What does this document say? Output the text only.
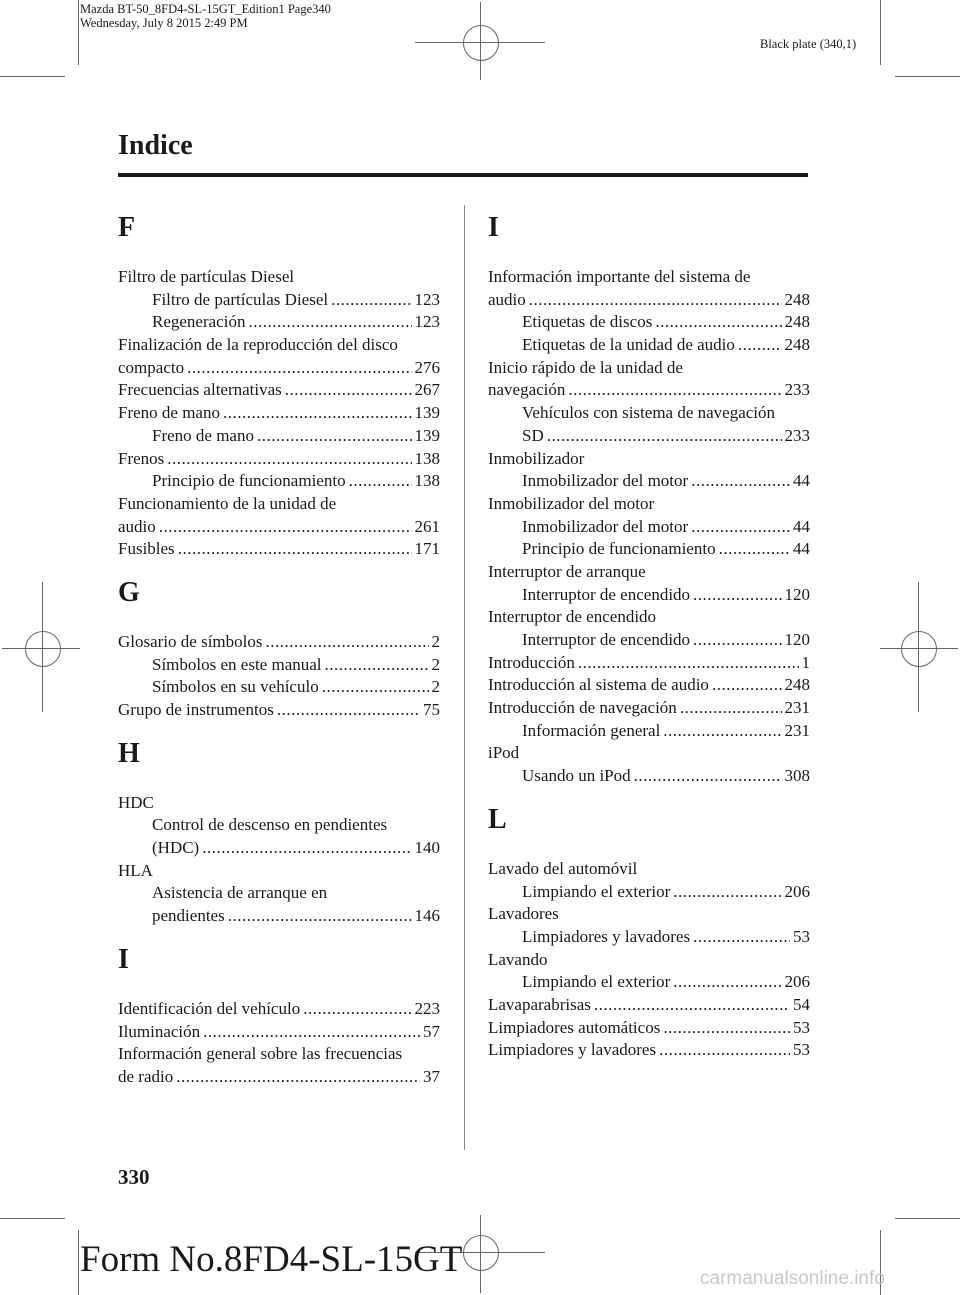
Mazda BT-50_8FD4-SL-15GT_Edition1 Page340
Wednesday, July 8 2015 2:49 PM
Black plate (340,1)
Indice
F
Filtro de partículas Diesel
Filtro de partículas Diesel .....	123
Regeneración .....	123
Finalización de la reproducción del disco
compacto .....	276
Frecuencias alternativas .....	267
Freno de mano .....	139
Freno de mano .....	139
Frenos .....	138
Principio de funcionamiento .....	138
Funcionamiento de la unidad de
audio .....	261
Fusibles .....	171
G
Glosario de símbolos .....	2
Símbolos en este manual .....	2
Símbolos en su vehículo .....	2
Grupo de instrumentos .....	75
H
HDC
Control de descenso en pendientes
(HDC) .....	140
HLA
Asistencia de arranque en
pendientes .....	146
I
Identificación del vehículo .....	223
Iluminación .....	57
Información general sobre las frecuencias
de radio .....	37
I
Información importante del sistema de
audio .....	248
Etiquetas de discos .....	248
Etiquetas de la unidad de audio .....	248
Inicio rápido de la unidad de
navegación .....	233
Vehículos con sistema de navegación
SD .....	233
Inmobilizador
Inmobilizador del motor .....	44
Inmobilizador del motor
Inmobilizador del motor .....	44
Principio de funcionamiento .....	44
Interruptor de arranque
Interruptor de encendido .....	120
Interruptor de encendido
Interruptor de encendido .....	120
Introducción .....	1
Introducción al sistema de audio .....	248
Introducción de navegación .....	231
Información general .....	231
iPod
Usando un iPod .....	308
L
Lavado del automóvil
Limpiando el exterior .....	206
Lavadores
Limpiadores y lavadores .....	53
Lavando
Limpiando el exterior .....	206
Lavaparabrisas .....	54
Limpiadores automáticos .....	53
Limpiadores y lavadores .....	53
330
Form No.8FD4-SL-15GT	carmanualsonline.info
